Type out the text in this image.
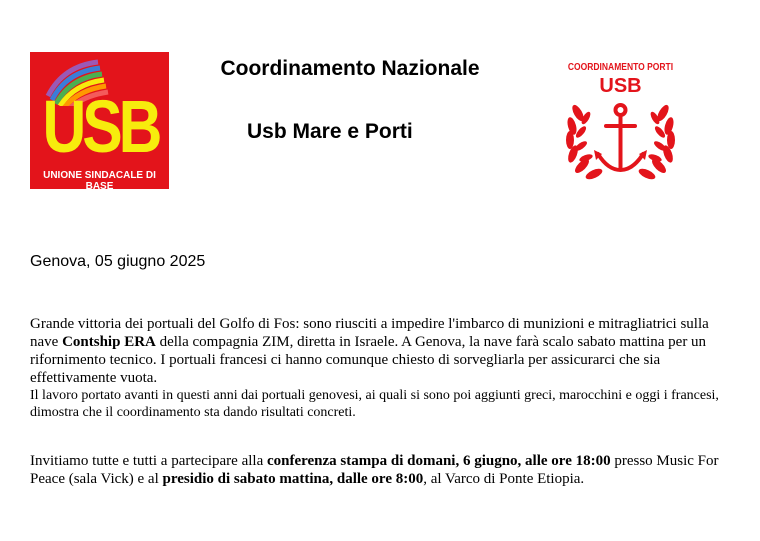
USB
UNIONE SINDACALE DI BASE
Coordinamento Nazionale
Usb Mare e Porti
COORDINAMENTO PORTI
USB
Genova, 05 giugno 2025

Grande vittoria dei portuali del Golfo di Fos: sono riusciti a impedire l'imbarco di munizioni e mitragliatrici sulla nave Contship ERA della compagnia ZIM, diretta in Israele. A Genova, la nave farà scalo sabato mattina per un rifornimento tecnico. I portuali francesi ci hanno comunque chiesto di sorvegliarla per assicurarci che sia effettivamente vuota.
Il lavoro portato avanti in questi anni dai portuali genovesi, ai quali si sono poi aggiunti greci, marocchini e oggi i francesi, dimostra che il coordinamento sta dando risultati concreti.

Invitiamo tutte e tutti a partecipare alla conferenza stampa di domani, 6 giugno, alle ore 18:00 presso Music For Peace (sala Vick) e al presidio di sabato mattina, dalle ore 8:00, al Varco di Ponte Etiopia.
